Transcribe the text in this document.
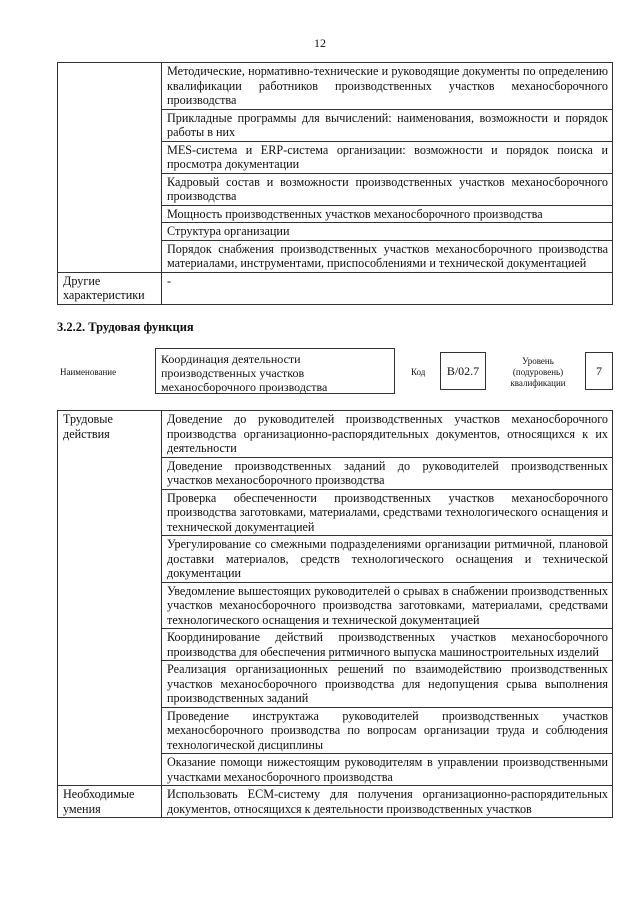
12
	Методические, нормативно-технические и руководящие документы по определению квалификации работников производственных участков механосборочного производства
	Прикладные программы для вычислений: наименования, возможности и порядок работы в них
	MES-система и ERP-система организации: возможности и порядок поиска и просмотра документации
	Кадровый состав и возможности производственных участков механосборочного производства
	Мощность производственных участков механосборочного производства
	Структура организации
	Порядок снабжения производственных участков механосборочного производства материалами, инструментами, приспособлениями и технической документацией
Другие характеристики	-
3.2.2. Трудовая функция
Наименование
Координация деятельности производственных участков механосборочного производства
Код	B/02.7
Уровень (подуровень) квалификации
7
Трудовые действия	Доведение до руководителей производственных участков механосборочного производства организационно-распорядительных документов, относящихся к их деятельности
	Доведение производственных заданий до руководителей производственных участков механосборочного производства
	Проверка обеспеченности производственных участков механосборочного производства заготовками, материалами, средствами технологического оснащения и технической документацией
	Урегулирование со смежными подразделениями организации ритмичной, плановой доставки материалов, средств технологического оснащения и технической документации
	Уведомление вышестоящих руководителей о срывах в снабжении производственных участков механосборочного производства заготовками, материалами, средствами технологического оснащения и технической документацией
	Координирование действий производственных участков механосборочного производства для обеспечения ритмичного выпуска машиностроительных изделий
	Реализация организационных решений по взаимодействию производственных участков механосборочного производства для недопущения срыва выполнения производственных заданий
	Проведение инструктажа руководителей производственных участков механосборочного производства по вопросам организации труда и соблюдения технологической дисциплины
	Оказание помощи нижестоящим руководителям в управлении производственными участками механосборочного производства
Необходимые умения	Использовать ECM-систему для получения организационно-распорядительных документов, относящихся к деятельности производственных участков
